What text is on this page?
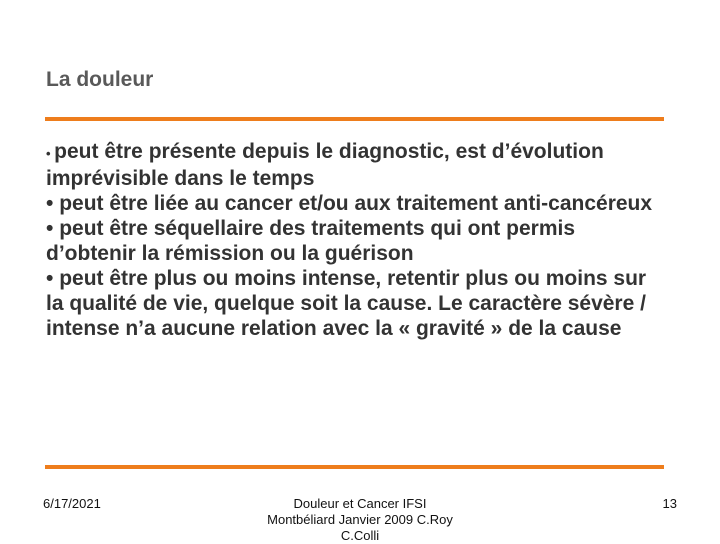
La douleur
• peut être présente depuis le diagnostic, est d’évolution imprévisible dans le temps
• peut être liée au cancer et/ou aux traitement anti-cancéreux
• peut être séquellaire des traitements qui ont permis d’obtenir la rémission ou la guérison
• peut être plus ou moins intense, retentir plus ou moins sur la qualité de vie, quelque soit la cause. Le caractère sévère / intense n’a aucune relation avec la « gravité » de la cause
6/17/2021	Douleur et Cancer IFSI
Montbéliard Janvier 2009 C.Roy
C.Colli
13
